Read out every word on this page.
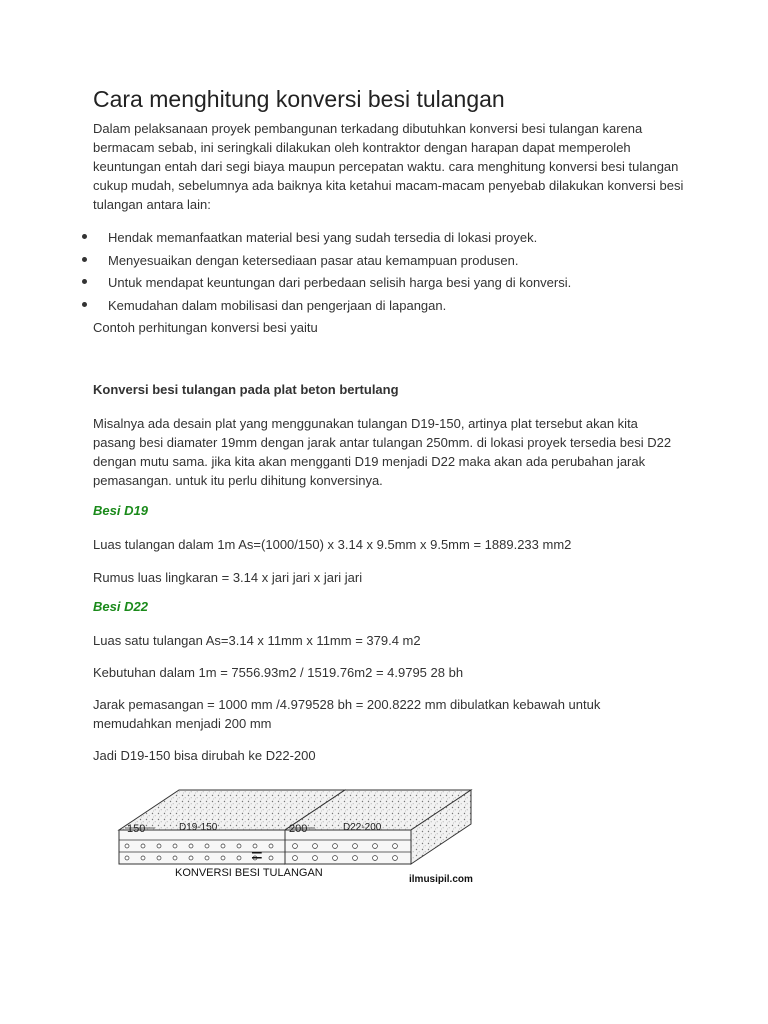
Cara menghitung konversi besi tulangan

Dalam pelaksanaan proyek pembangunan terkadang dibutuhkan konversi besi tulangan karena bermacam sebab, ini seringkali dilakukan oleh kontraktor dengan harapan dapat memperoleh keuntungan entah dari segi biaya maupun percepatan waktu. cara menghitung konversi besi tulangan cukup mudah, sebelumnya ada baiknya kita ketahui macam-macam penyebab dilakukan konversi besi tulangan antara lain:

Hendak memanfaatkan material besi yang sudah tersedia di lokasi proyek.
Menyesuaikan dengan ketersediaan pasar atau kemampuan produsen.
Untuk mendapat keuntungan dari perbedaan selisih harga besi yang di konversi.
Kemudahan dalam mobilisasi dan pengerjaan di lapangan.

Contoh perhitungan konversi besi yaitu

Konversi besi tulangan pada plat beton bertulang

Misalnya ada desain plat yang menggunakan tulangan D19-150, artinya plat tersebut akan kita pasang besi diamater 19mm dengan jarak antar tulangan 250mm. di lokasi proyek tersedia besi D22 dengan mutu sama. jika kita akan mengganti D19 menjadi D22 maka akan ada perubahan jarak pemasangan. untuk itu perlu dihitung konversinya.

Besi D19

Luas tulangan dalam 1m As=(1000/150) x 3.14 x 9.5mm x 9.5mm = 1889.233 mm2

Rumus luas lingkaran = 3.14 x jari jari x jari jari

Besi D22

Luas satu tulangan As=3.14 x 11mm x 11mm = 379.4 m2

Kebutuhan dalam 1m = 7556.93m2 / 1519.76m2 = 4.9795 28 bh

Jarak pemasangan = 1000 mm /4.979528 bh = 200.8222 mm dibulatkan kebawah untuk memudahkan menjadi 200 mm

Jadi D19-150 bisa dirubah ke D22-200

150	D19-150	200	D22-200
=
KONVERSI BESI TULANGAN
ilmusipil.com
